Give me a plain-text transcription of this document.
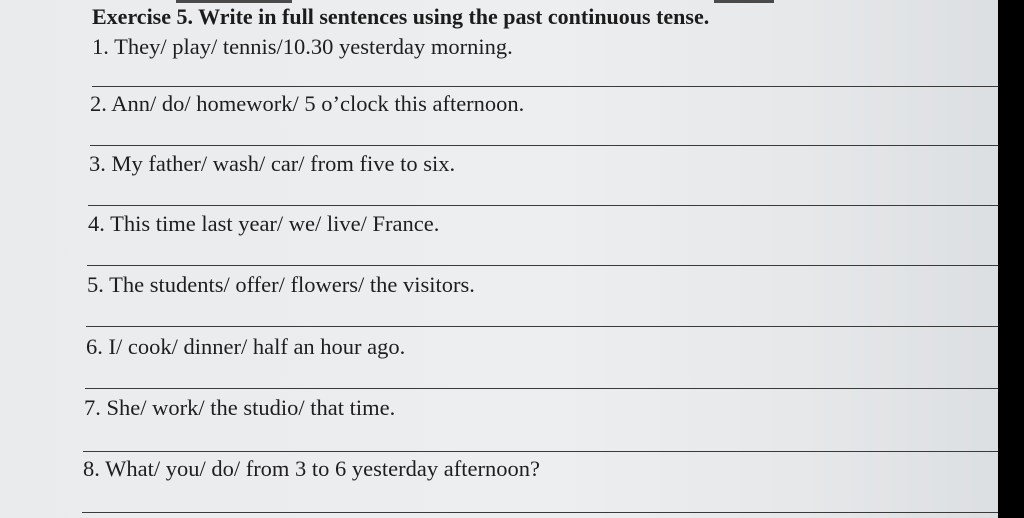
Exercise 5. Write in full sentences using the past continuous tense.

1. They/ play/ tennis/10.30 yesterday morning.

2. Ann/ do/ homework/ 5 o’clock this afternoon.

3. My father/ wash/ car/ from five to six.

4. This time last year/ we/ live/ France.

5. The students/ offer/ flowers/ the visitors.

6. I/ cook/ dinner/ half an hour ago.

7. She/ work/ the studio/ that time.

8. What/ you/ do/ from 3 to 6 yesterday afternoon?
